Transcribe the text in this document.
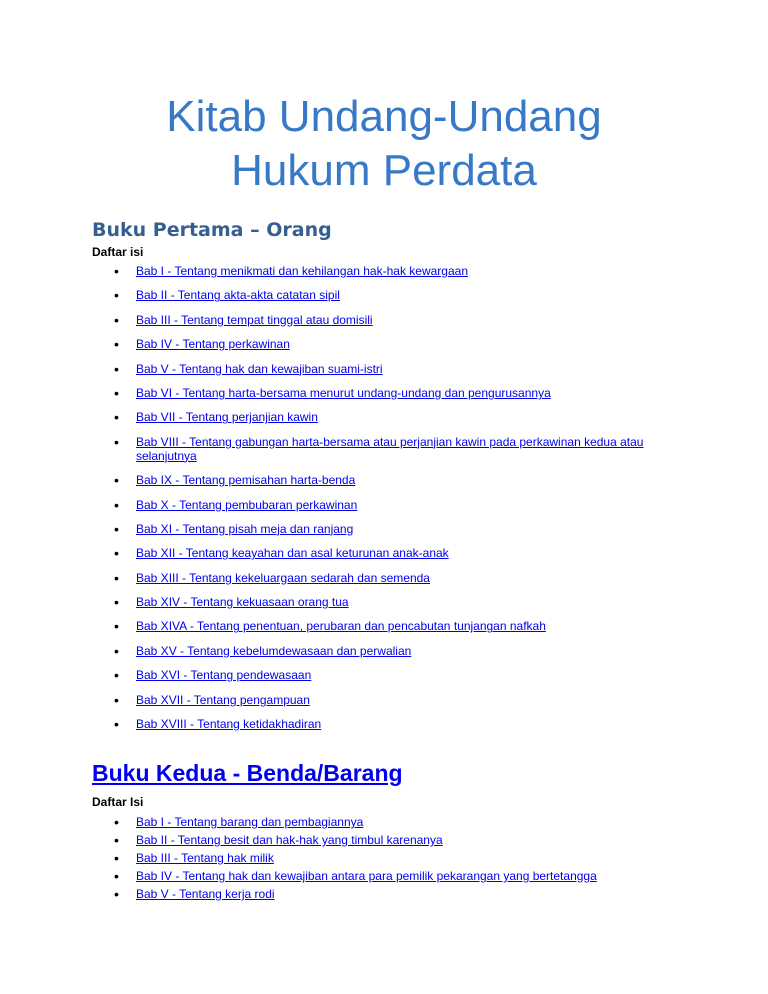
Kitab Undang-Undang
Hukum Perdata
Buku Pertama – Orang

Daftar isi

• Bab I - Tentang menikmati dan kehilangan hak-hak kewargaan
• Bab II - Tentang akta-akta catatan sipil
• Bab III - Tentang tempat tinggal atau domisili
• Bab IV - Tentang perkawinan
• Bab V - Tentang hak dan kewajiban suami-istri
• Bab VI - Tentang harta-bersama menurut undang-undang dan pengurusannya
• Bab VII - Tentang perjanjian kawin
• Bab VIII - Tentang gabungan harta-bersama atau perjanjian kawin pada perkawinan kedua atau selanjutnya
• Bab IX - Tentang pemisahan harta-benda
• Bab X - Tentang pembubaran perkawinan
• Bab XI - Tentang pisah meja dan ranjang
• Bab XII - Tentang keayahan dan asal keturunan anak-anak
• Bab XIII - Tentang kekeluargaan sedarah dan semenda
• Bab XIV - Tentang kekuasaan orang tua
• Bab XIVA - Tentang penentuan, perubaran dan pencabutan tunjangan nafkah
• Bab XV - Tentang kebelumdewasaan dan perwalian
• Bab XVI - Tentang pendewasaan
• Bab XVII - Tentang pengampuan
• Bab XVIII - Tentang ketidakhadiran
Buku Kedua - Benda/Barang

Daftar Isi

• Bab I - Tentang barang dan pembagiannya
• Bab II - Tentang besit dan hak-hak yang timbul karenanya
• Bab III - Tentang hak milik
• Bab IV - Tentang hak dan kewajiban antara para pemilik pekarangan yang bertetangga
• Bab V - Tentang kerja rodi
